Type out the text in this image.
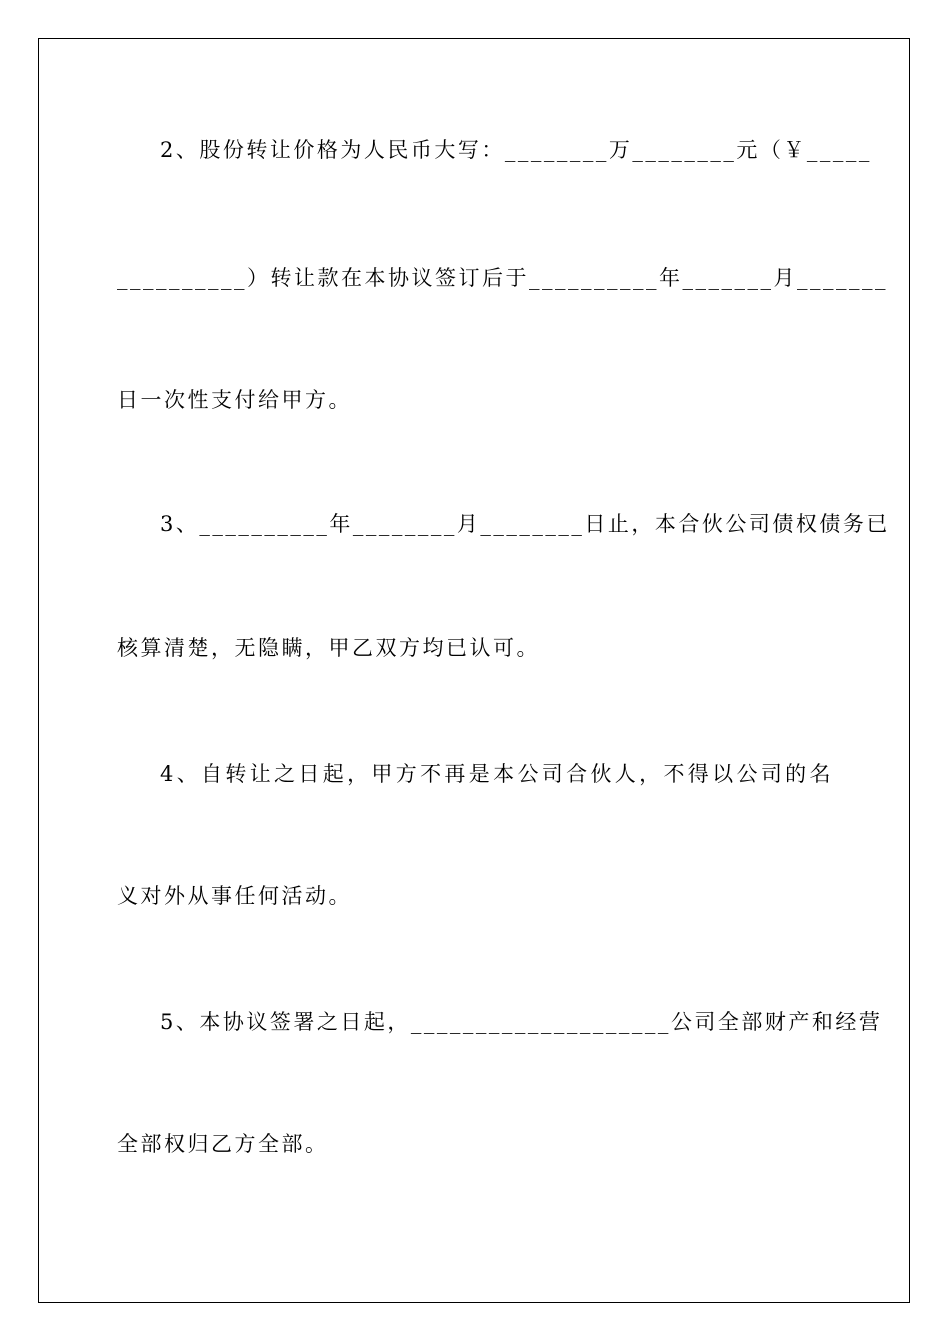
2、股份转让价格为人民币大写：________万________元（￥_____
__________）转让款在本协议签订后于__________年_______月_______
日一次性支付给甲方。
3、__________年________月________日止，本合伙公司债权债务已
核算清楚，无隐瞒，甲乙双方均已认可。
4、自转让之日起，甲方不再是本公司合伙人，不得以公司的名
义对外从事任何活动。
5、本协议签署之日起，____________________公司全部财产和经营
全部权归乙方全部。
